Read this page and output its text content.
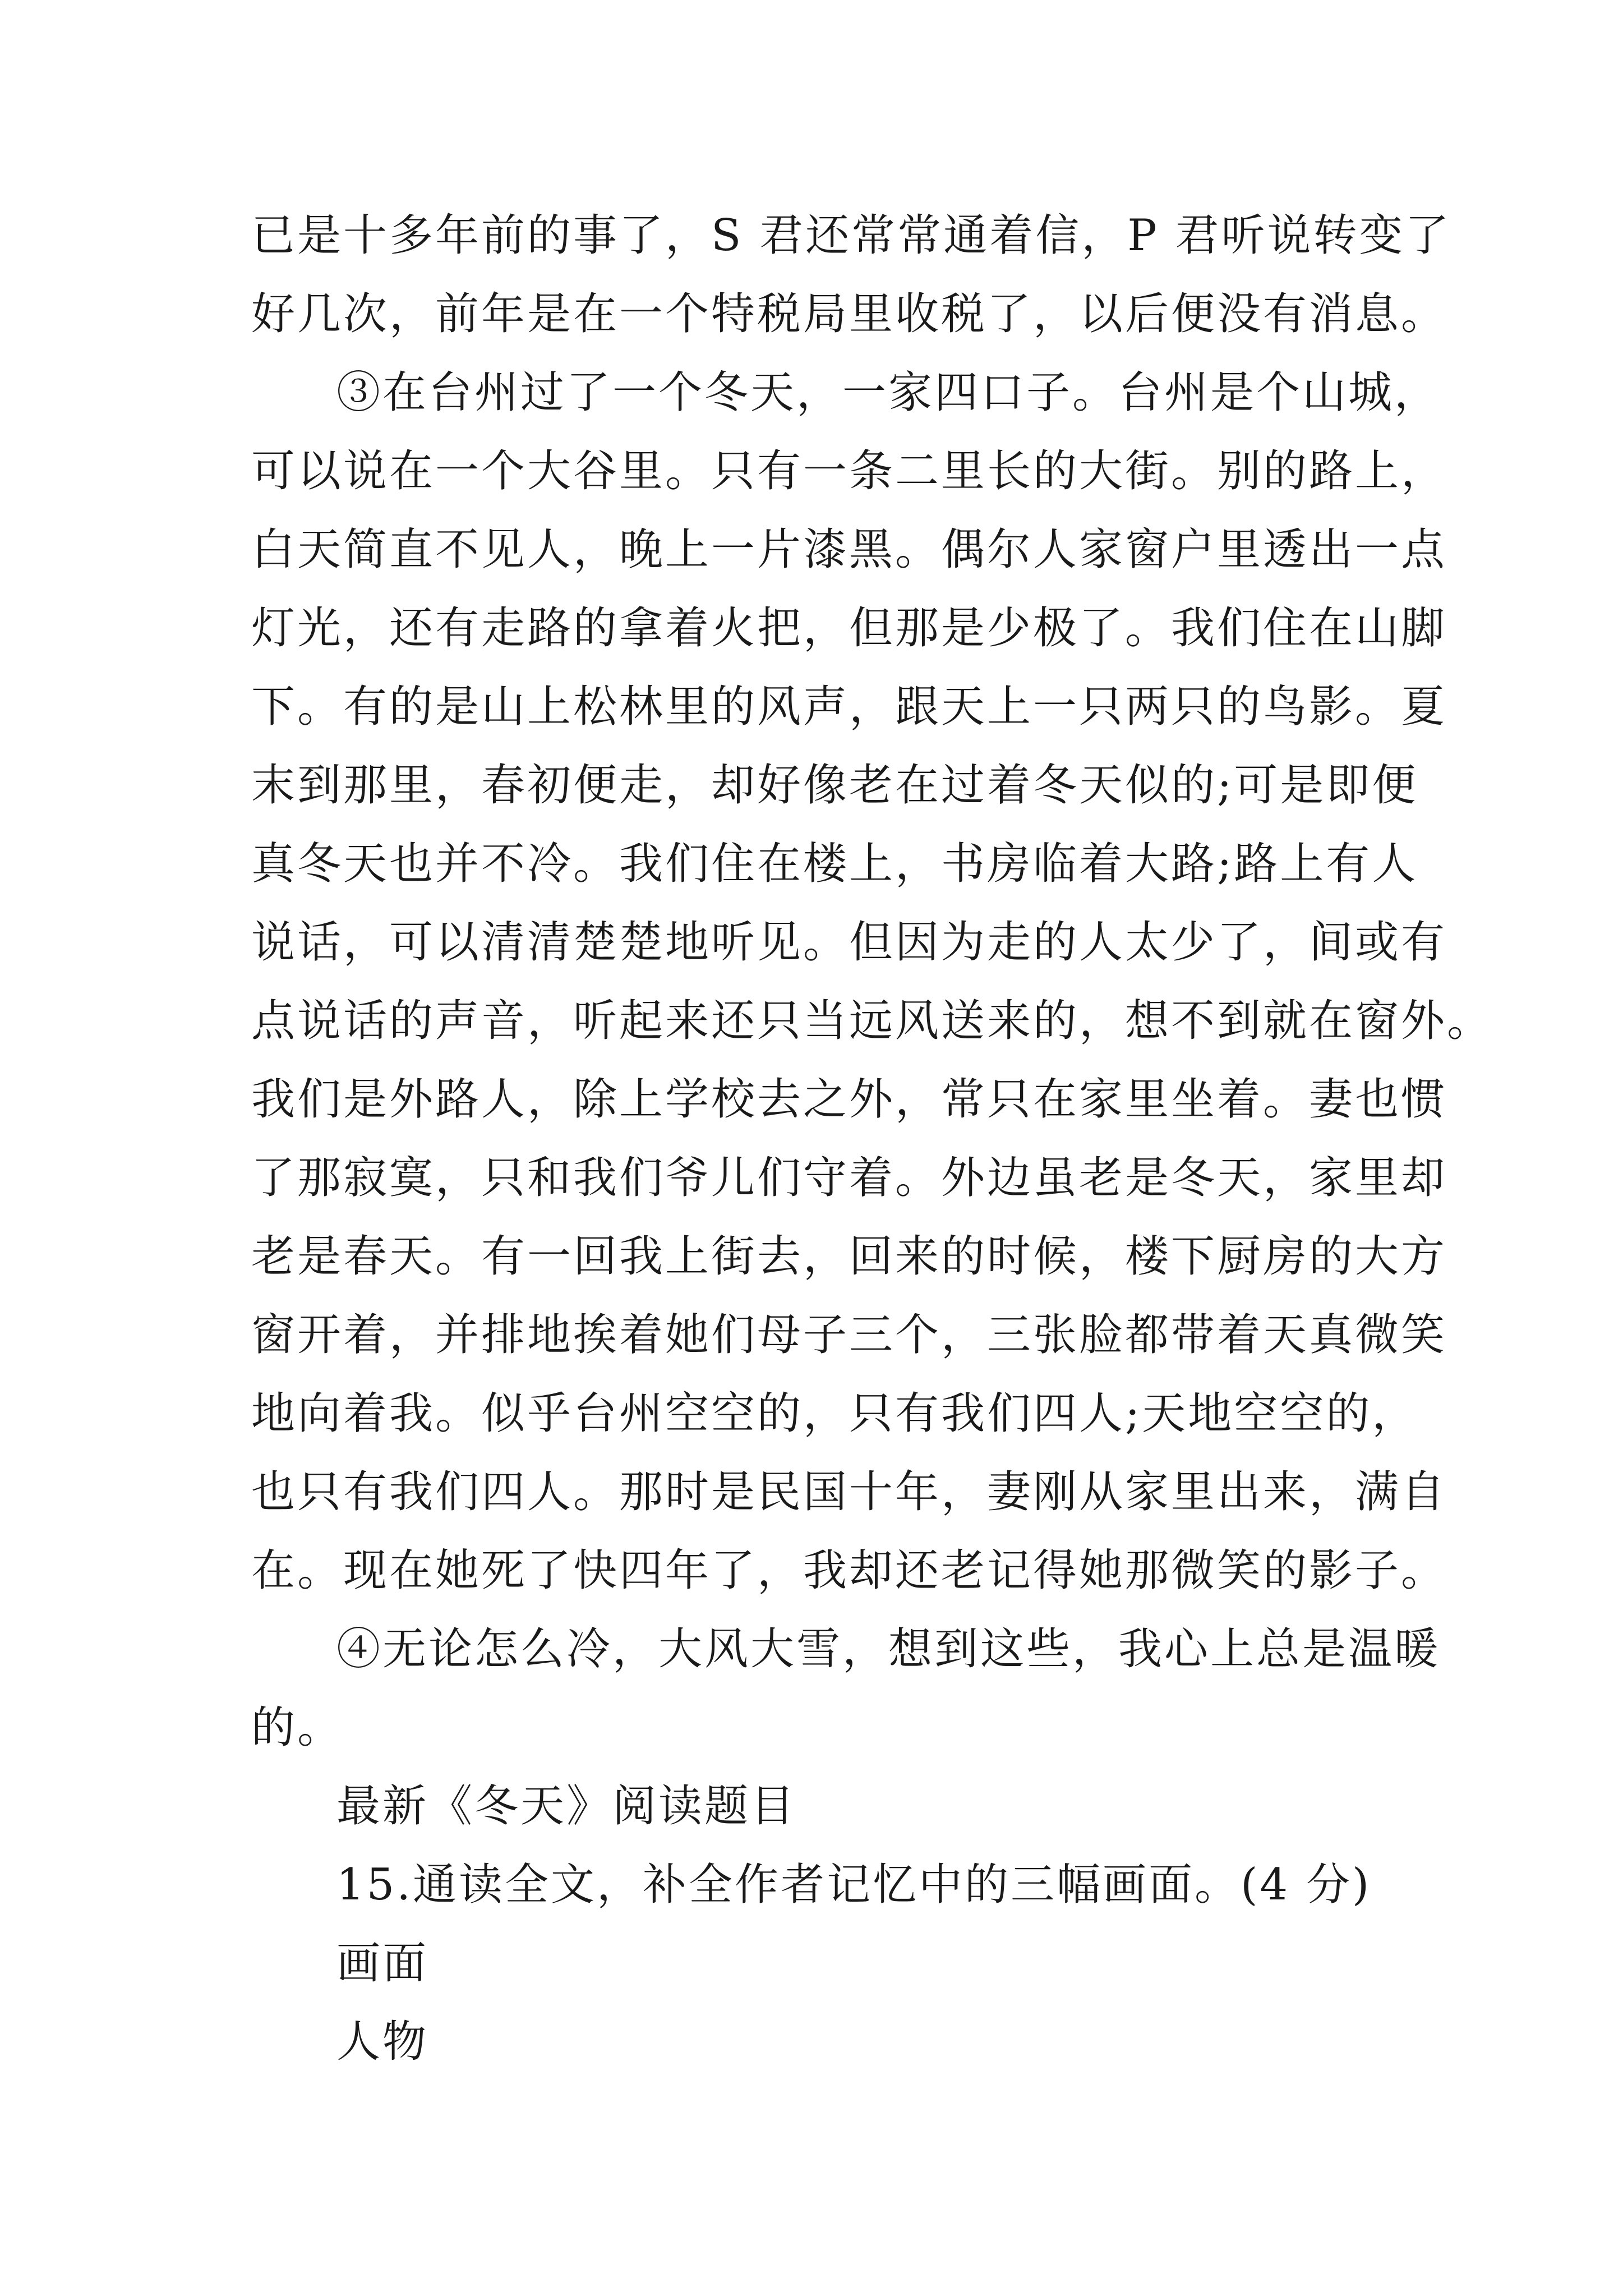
已是十多年前的事了，S 君还常常通着信，P 君听说转变了
好几次，前年是在一个特税局里收税了，以后便没有消息。
③在台州过了一个冬天，一家四口子。台州是个山城，
可以说在一个大谷里。只有一条二里长的大街。别的路上，
白天简直不见人，晚上一片漆黑。偶尔人家窗户里透出一点
灯光，还有走路的拿着火把，但那是少极了。我们住在山脚
下。有的是山上松林里的风声，跟天上一只两只的鸟影。夏
末到那里，春初便走，却好像老在过着冬天似的;可是即便
真冬天也并不冷。我们住在楼上，书房临着大路;路上有人
说话，可以清清楚楚地听见。但因为走的人太少了，间或有
点说话的声音，听起来还只当远风送来的，想不到就在窗外。
我们是外路人，除上学校去之外，常只在家里坐着。妻也惯
了那寂寞，只和我们爷儿们守着。外边虽老是冬天，家里却
老是春天。有一回我上街去，回来的时候，楼下厨房的大方
窗开着，并排地挨着她们母子三个，三张脸都带着天真微笑
地向着我。似乎台州空空的，只有我们四人;天地空空的，
也只有我们四人。那时是民国十年，妻刚从家里出来，满自
在。现在她死了快四年了，我却还老记得她那微笑的影子。
④无论怎么冷，大风大雪，想到这些，我心上总是温暖
的。
最新《冬天》阅读题目
15.通读全文，补全作者记忆中的三幅画面。(4 分)
画面
人物
